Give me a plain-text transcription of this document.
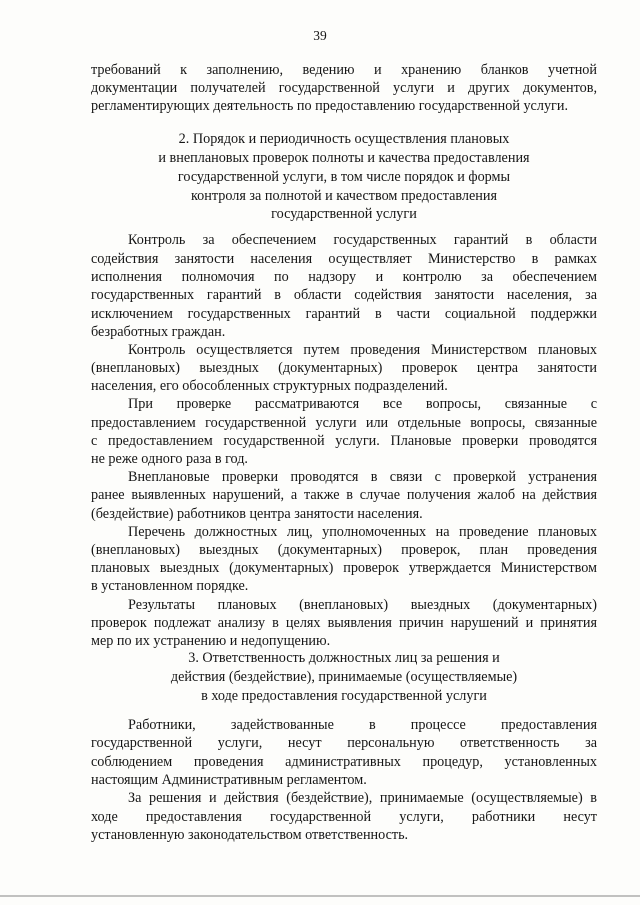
39
требований к заполнению, ведению и хранению бланков учетной
документации получателей государственной услуги и других документов,
регламентирующих деятельность по предоставлению государственной услуги.
2. Порядок и периодичность осуществления плановых
и внеплановых проверок полноты и качества предоставления
государственной услуги, в том числе порядок и формы
контроля за полнотой и качеством предоставления
государственной услуги
Контроль за обеспечением государственных гарантий в области
содействия занятости населения осуществляет Министерство в рамках
исполнения полномочия по надзору и контролю за обеспечением
государственных гарантий в области содействия занятости населения, за
исключением государственных гарантий в части социальной поддержки
безработных граждан.
Контроль осуществляется путем проведения Министерством плановых
(внеплановых) выездных (документарных) проверок центра занятости
населения, его обособленных структурных подразделений.
При проверке рассматриваются все вопросы, связанные с
предоставлением государственной услуги или отдельные вопросы, связанные
с предоставлением государственной услуги. Плановые проверки проводятся
не реже одного раза в год.
Внеплановые проверки проводятся в связи с проверкой устранения
ранее выявленных нарушений, а также в случае получения жалоб на действия
(бездействие) работников центра занятости населения.
Перечень должностных лиц, уполномоченных на проведение плановых
(внеплановых) выездных (документарных) проверок, план проведения
плановых выездных (документарных) проверок утверждается Министерством
в установленном порядке.
Результаты плановых (внеплановых) выездных (документарных)
проверок подлежат анализу в целях выявления причин нарушений и принятия
мер по их устранению и недопущению.
3. Ответственность должностных лиц за решения и
действия (бездействие), принимаемые (осуществляемые)
в ходе предоставления государственной услуги
Работники, задействованные в процессе предоставления
государственной услуги, несут персональную ответственность за
соблюдением проведения административных процедур, установленных
настоящим Административным регламентом.
За решения и действия (бездействие), принимаемые (осуществляемые) в
ходе предоставления государственной услуги, работники несут
установленную законодательством ответственность.
